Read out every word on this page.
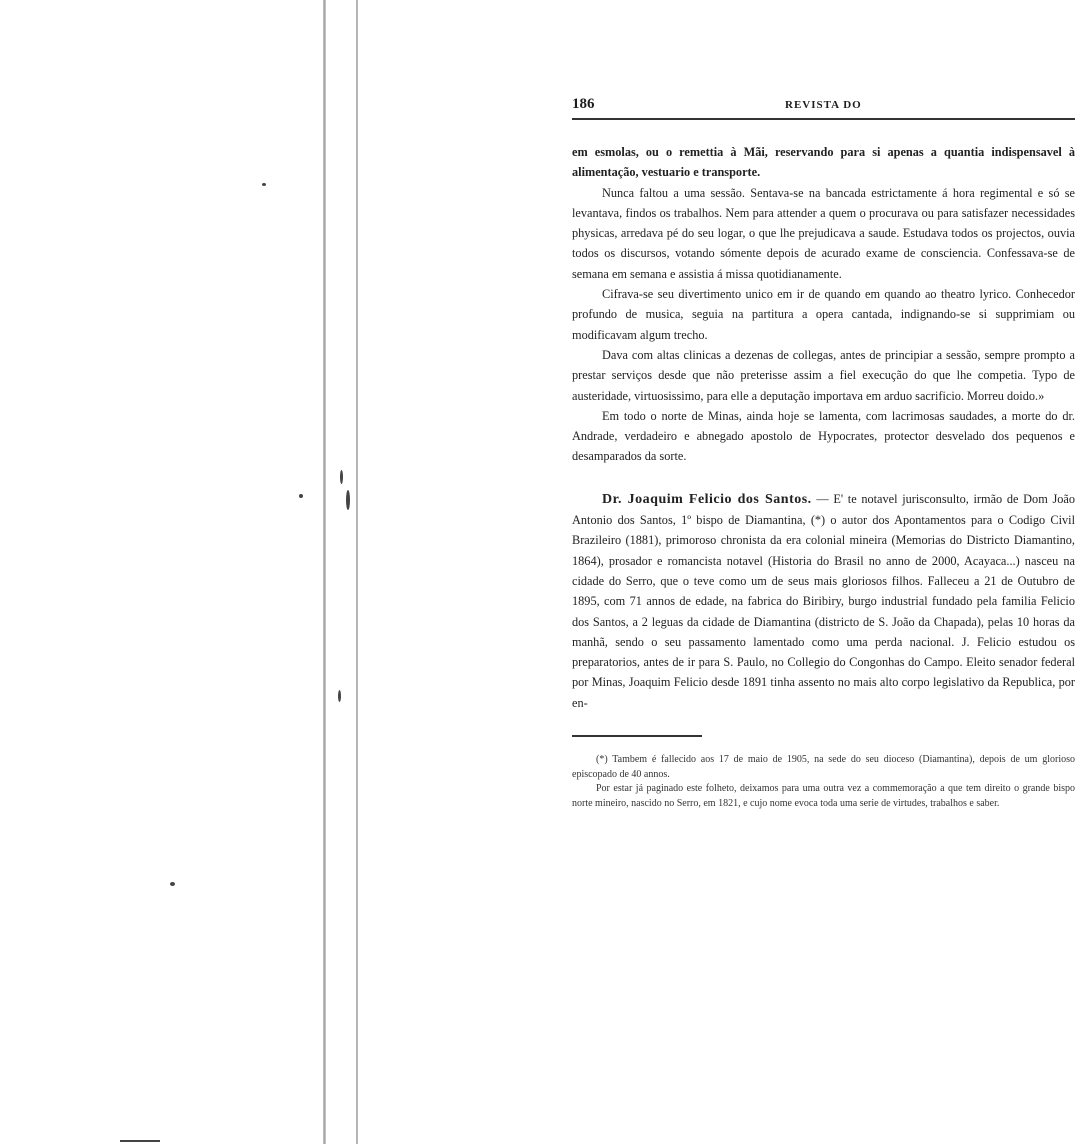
186	REVISTA DO

em esmolas, ou o remettia à Mãi, reservando para si apenas a quantia indispensavel à alimentação, vestuario e transporte.

Nunca faltou a uma sessão. Sentava-se na bancada estrictamente á hora regimental e só se levantava, findos os trabalhos. Nem para attender a quem o procurava ou para satisfazer necessidades physicas, arredava pé do seu logar, o que lhe prejudicava a saude. Estudava todos os projectos, ouvia todos os discursos, votando sómente depois de acurado exame de consciencia. Confessava-se de semana em semana e assistia á missa quotidianamente.

Cifrava-se seu divertimento unico em ir de quando em quando ao theatro lyrico. Conhecedor profundo de musica, seguia na partitura a opera cantada, indignando-se si supprimiam ou modificavam algum trecho.

Dava com altas clinicas a dezenas de collegas, antes de principiar a sessão, sempre prompto a prestar serviços desde que não preterisse assim a fiel execução do que lhe competia. Typo de austeridade, virtuosissimo, para elle a deputação importava em arduo sacrificio. Morreu doido.»

Em todo o norte de Minas, ainda hoje se lamenta, com lacrimosas saudades, a morte do dr. Andrade, verdadeiro e abnegado apostolo de Hypocrates, protector desvelado dos pequenos e desamparados da sorte.

Dr. Joaquim Felicio dos Santos. — E' te notavel jurisconsulto, irmão de Dom João Antonio dos Santos, 1º bispo de Diamantina, (*) o autor dos Apontamentos para o Codigo Civil Brazileiro (1881), primoroso chronista da era colonial mineira (Memorias do Districto Diamantino, 1864), prosador e romancista notavel (Historia do Brasil no anno de 2000, Acayaca...) nasceu na cidade do Serro, que o teve como um de seus mais gloriosos filhos. Falleceu a 21 de Outubro de 1895, com 71 annos de edade, na fabrica do Biribiry, burgo industrial fundado pela familia Felicio dos Santos, a 2 leguas da cidade de Diamantina (districto de S. João da Chapada), pelas 10 horas da manhã, sendo o seu passamento lamentado como uma perda nacional. J. Felicio estudou os preparatorios, antes de ir para S. Paulo, no Collegio do Congonhas do Campo. Eleito senador federal por Minas, Joaquim Felicio desde 1891 tinha assento no mais alto corpo legislativo da Republica, por en-

(*) Tambem é fallecido aos 17 de maio de 1905, na sede do seu dioceso (Diamantina), depois de um glorioso episcopado de 40 annos.

Por estar já paginado este folheto, deixamos para uma outra vez a commemoração a que tem direito o grande bispo norte mineiro, nascido no Serro, em 1821, e cujo nome evoca toda uma serie de virtudes, trabalhos e saber.
